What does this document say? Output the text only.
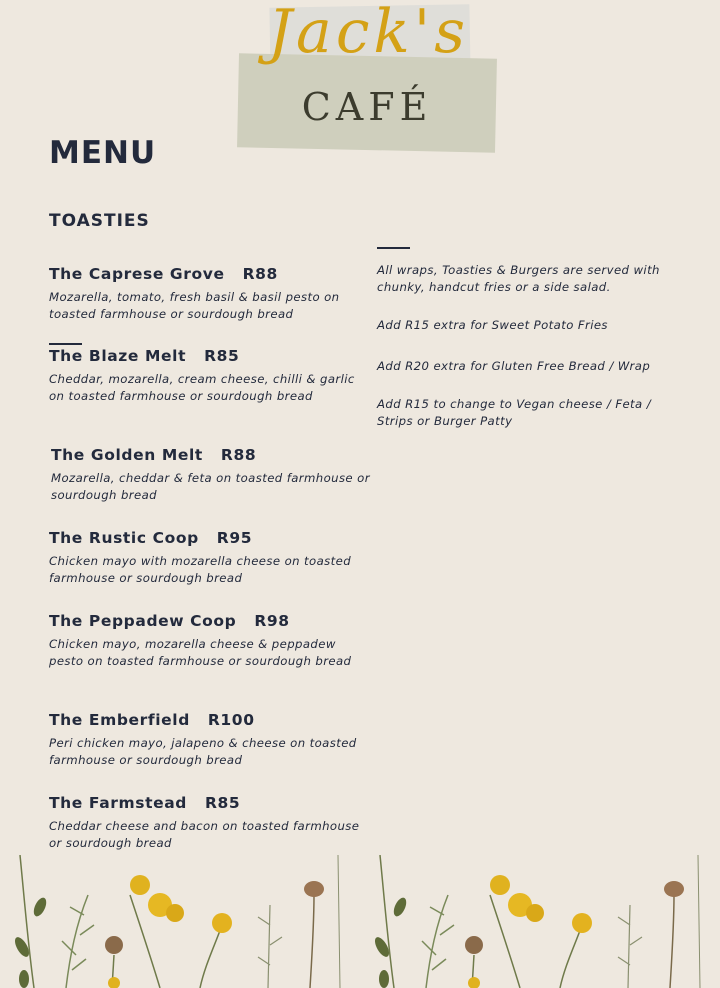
Jack's
CAFÉ
MENU
TOASTIES
The Caprese Grove R88
Mozarella, tomato, fresh basil & basil pesto on toasted farmhouse or sourdough bread
The Blaze Melt R85
Cheddar, mozarella, cream cheese, chilli & garlic on toasted farmhouse or sourdough bread
The Golden Melt R88
Mozarella, cheddar & feta on toasted farmhouse or sourdough bread
The Rustic Coop R95
Chicken mayo with mozarella cheese on toasted farmhouse or sourdough bread
The Peppadew Coop R98
Chicken mayo, mozarella cheese & peppadew pesto on toasted farmhouse or sourdough bread
The Emberfield R100
Peri chicken mayo, jalapeno & cheese on toasted farmhouse or sourdough bread
The Farmstead R85
Cheddar cheese and bacon on toasted farmhouse or sourdough bread
All wraps, Toasties & Burgers are served with chunky, handcut fries or a side salad.
Add R15 extra for Sweet Potato Fries
Add R20 extra for Gluten Free Bread / Wrap
Add R15 to change to Vegan cheese / Feta / Strips or Burger Patty
